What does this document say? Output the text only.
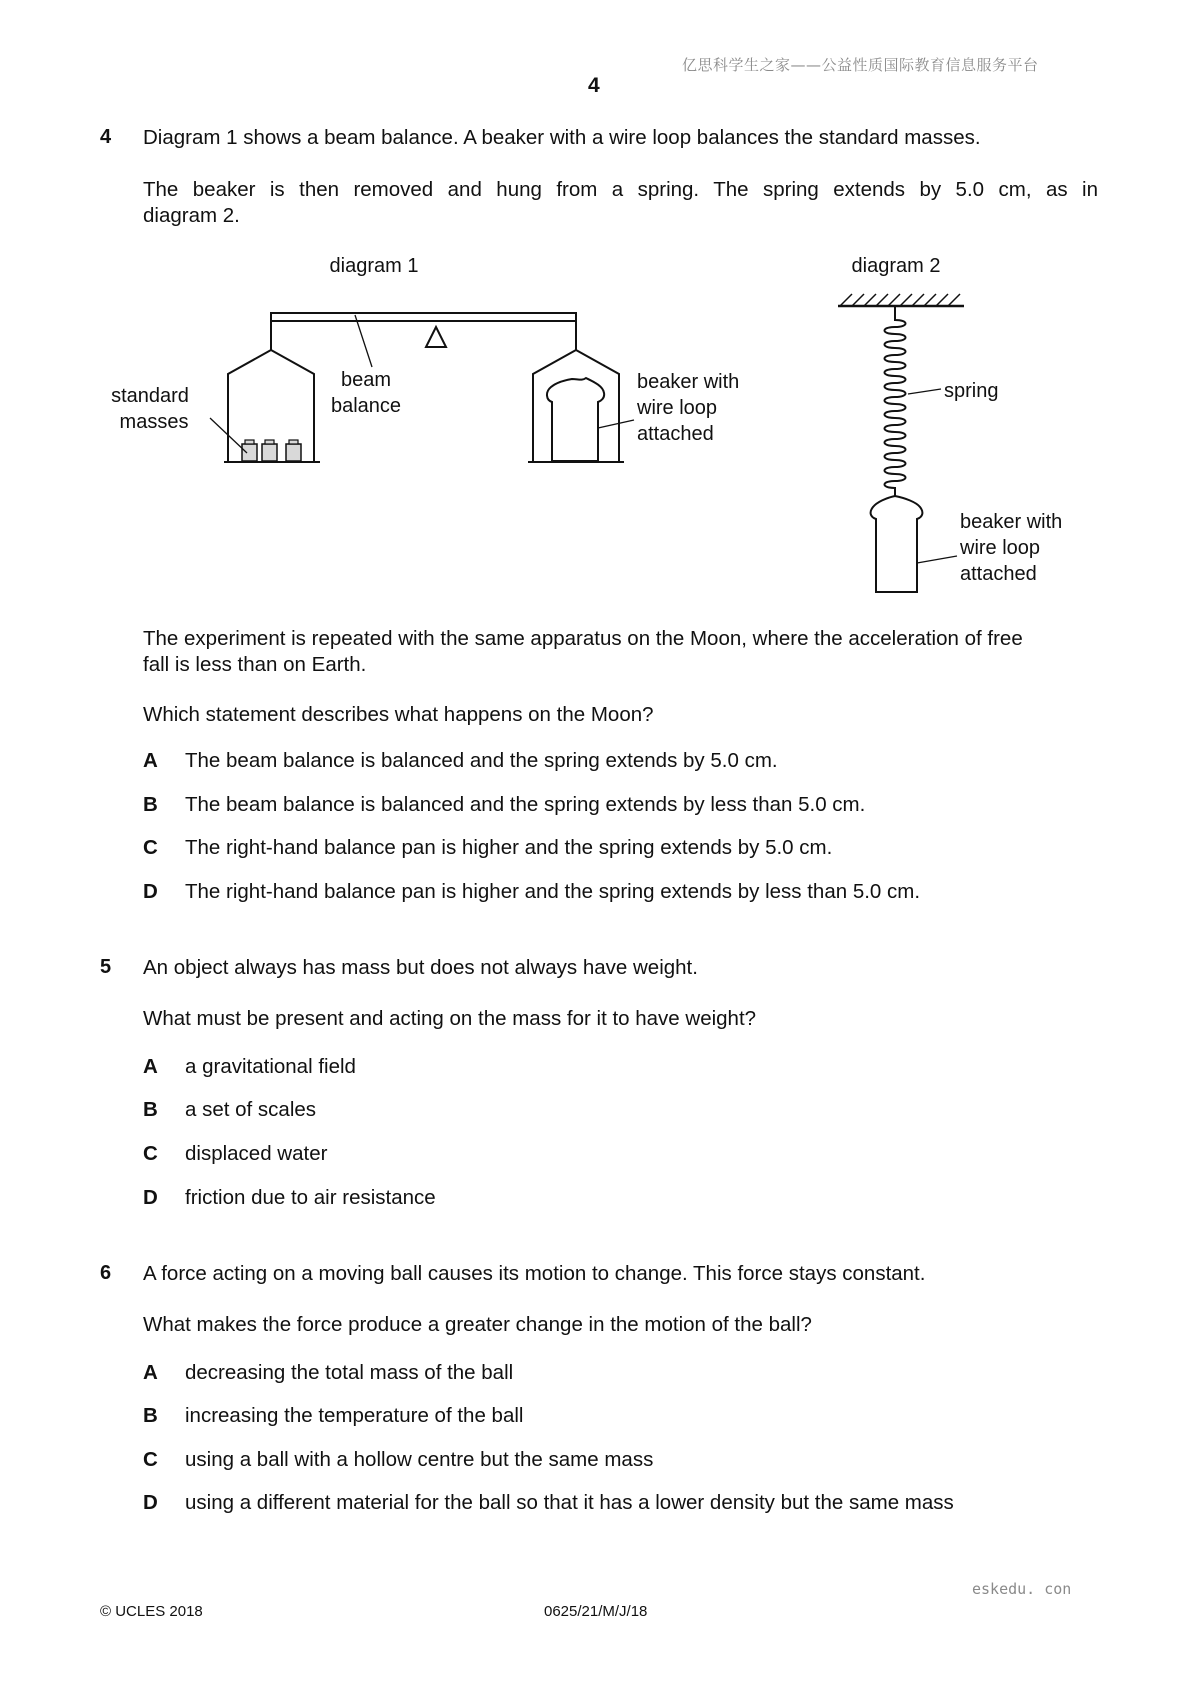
亿思科学生之家——公益性质国际教育信息服务平台
4
4 Diagram 1 shows a beam balance. A beaker with a wire loop balances the standard masses.
The beaker is then removed and hung from a spring. The spring extends by 5.0 cm, as in
diagram 2.
diagram 1
standard
masses
beam
balance
beaker with
wire loop
attached
diagram 2
spring
beaker with
wire loop
attached
The experiment is repeated with the same apparatus on the Moon, where the acceleration of free
fall is less than on Earth.
Which statement describes what happens on the Moon?
A The beam balance is balanced and the spring extends by 5.0 cm.
B The beam balance is balanced and the spring extends by less than 5.0 cm.
C The right-hand balance pan is higher and the spring extends by 5.0 cm.
D The right-hand balance pan is higher and the spring extends by less than 5.0 cm.
5 An object always has mass but does not always have weight.
What must be present and acting on the mass for it to have weight?
A a gravitational field
B a set of scales
C displaced water
D friction due to air resistance
6 A force acting on a moving ball causes its motion to change. This force stays constant.
What makes the force produce a greater change in the motion of the ball?
A decreasing the total mass of the ball
B increasing the temperature of the ball
C using a ball with a hollow centre but the same mass
D using a different material for the ball so that it has a lower density but the same mass
eskedu. con
© UCLES 2018	0625/21/M/J/18
